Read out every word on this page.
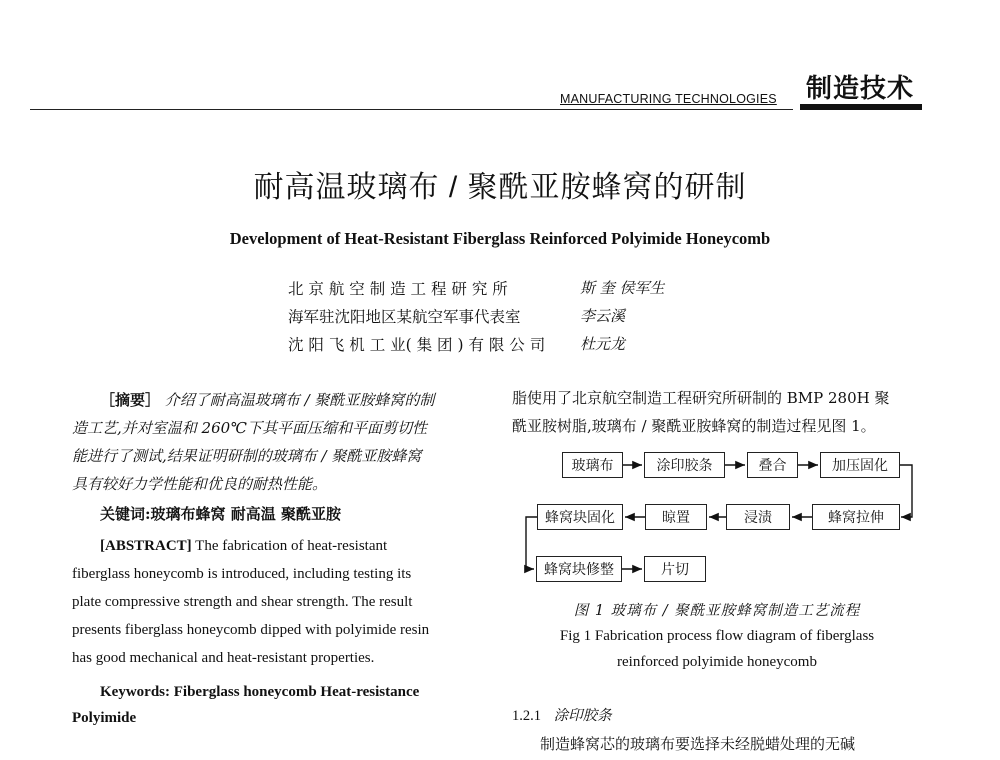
MANUFACTURING TECHNOLOGIES 制造技术
耐高温玻璃布 / 聚酰亚胺蜂窝的研制
Development of Heat-Resistant Fiberglass Reinforced Polyimide Honeycomb
北 京 航 空 制 造 工 程 研 究 所	斯 奎 侯军生
海军驻沈阳地区某航空军事代表室	李云溪
沈 阳 飞 机 工 业( 集 团 ) 有 限 公 司 杜元龙
［摘要］ 介绍了耐高温玻璃布 / 聚酰亚胺蜂窝的制
造工艺,并对室温和 260℃下其平面压缩和平面剪切性
能进行了测试,结果证明研制的玻璃布 / 聚酰亚胺蜂窝
具有较好力学性能和优良的耐热性能。
关键词:玻璃布蜂窝 耐高温 聚酰亚胺
[ABSTRACT] The fabrication of heat-resistant
fiberglass honeycomb is introduced, including testing its
plate compressive strength and shear strength. The result
presents fiberglass honeycomb dipped with polyimide resin
has good mechanical and heat-resistant properties.
Keywords: Fiberglass honeycomb Heat-resistance
Polyimide
脂使用了北京航空制造工程研究所研制的 BMP 280H 聚
酰亚胺树脂,玻璃布 / 聚酰亚胺蜂窝的制造过程见图 1。
玻璃布	涂印胶条	叠合	加压固化
蜂窝块固化	晾置	浸渍	蜂窝拉伸
蜂窝块修整	片切
图 1 玻璃布 / 聚酰亚胺蜂窝制造工艺流程
Fig 1 Fabrication process flow diagram of fiberglass
reinforced polyimide honeycomb
1.2.1 涂印胶条
制造蜂窝芯的玻璃布要选择未经脱蜡处理的无碱
